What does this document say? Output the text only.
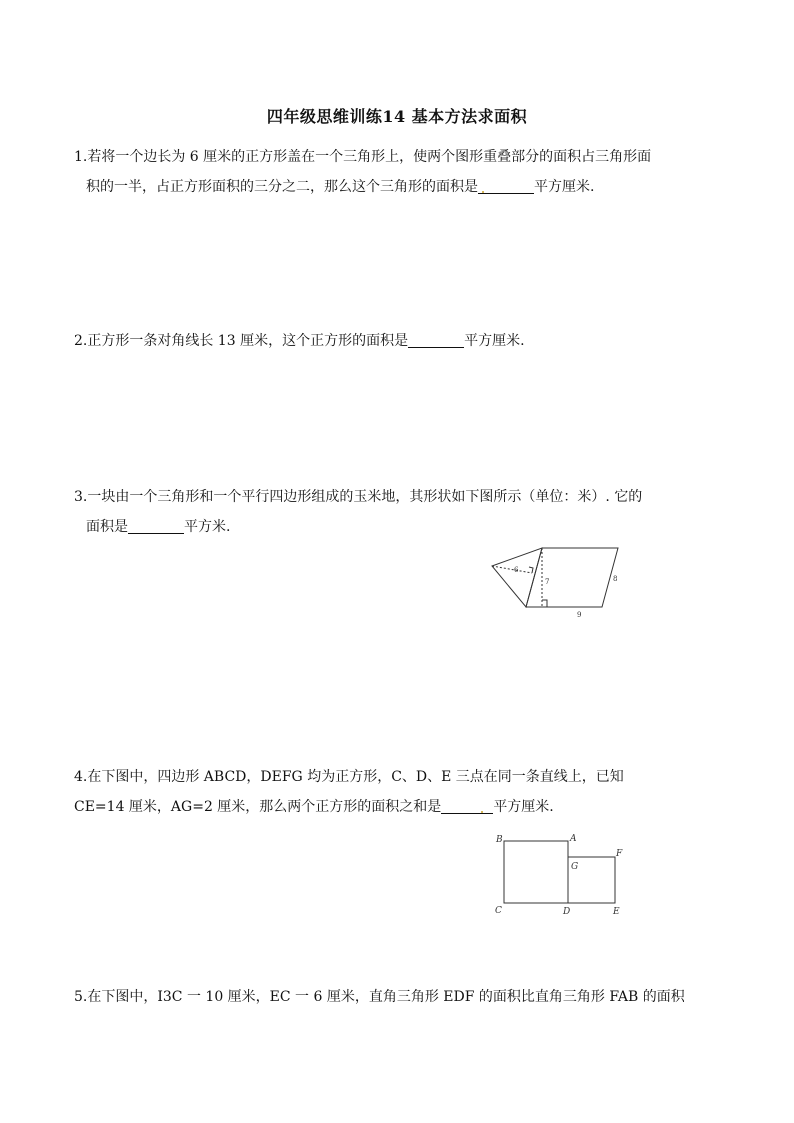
四年级思维训练14 基本方法求面积
1.若将一个边长为 6 厘米的正方形盖在一个三角形上，使两个图形重叠部分的面积占三角形面
积的一半，占正方形面积的三分之二，那么这个三角形的面积是	平方厘米.
2.正方形一条对角线长 13 厘米，这个正方形的面积是	平方厘米.
3.一块由一个三角形和一个平行四边形组成的玉米地，其形状如下图所示（单位：米）. 它的
面积是	平方米.
6
7	8
9
4.在下图中，四边形 ABCD，DEFG 均为正方形，C、D、E 三点在同一条直线上，已知
CE=14 厘米，AG=2 厘米，那么两个正方形的面积之和是	平方厘米.
B	A
F
G
C	D	E
5.在下图中，I3C 一 10 厘米，EC 一 6 厘米，直角三角形 EDF 的面积比直角三角形 FAB 的面积
